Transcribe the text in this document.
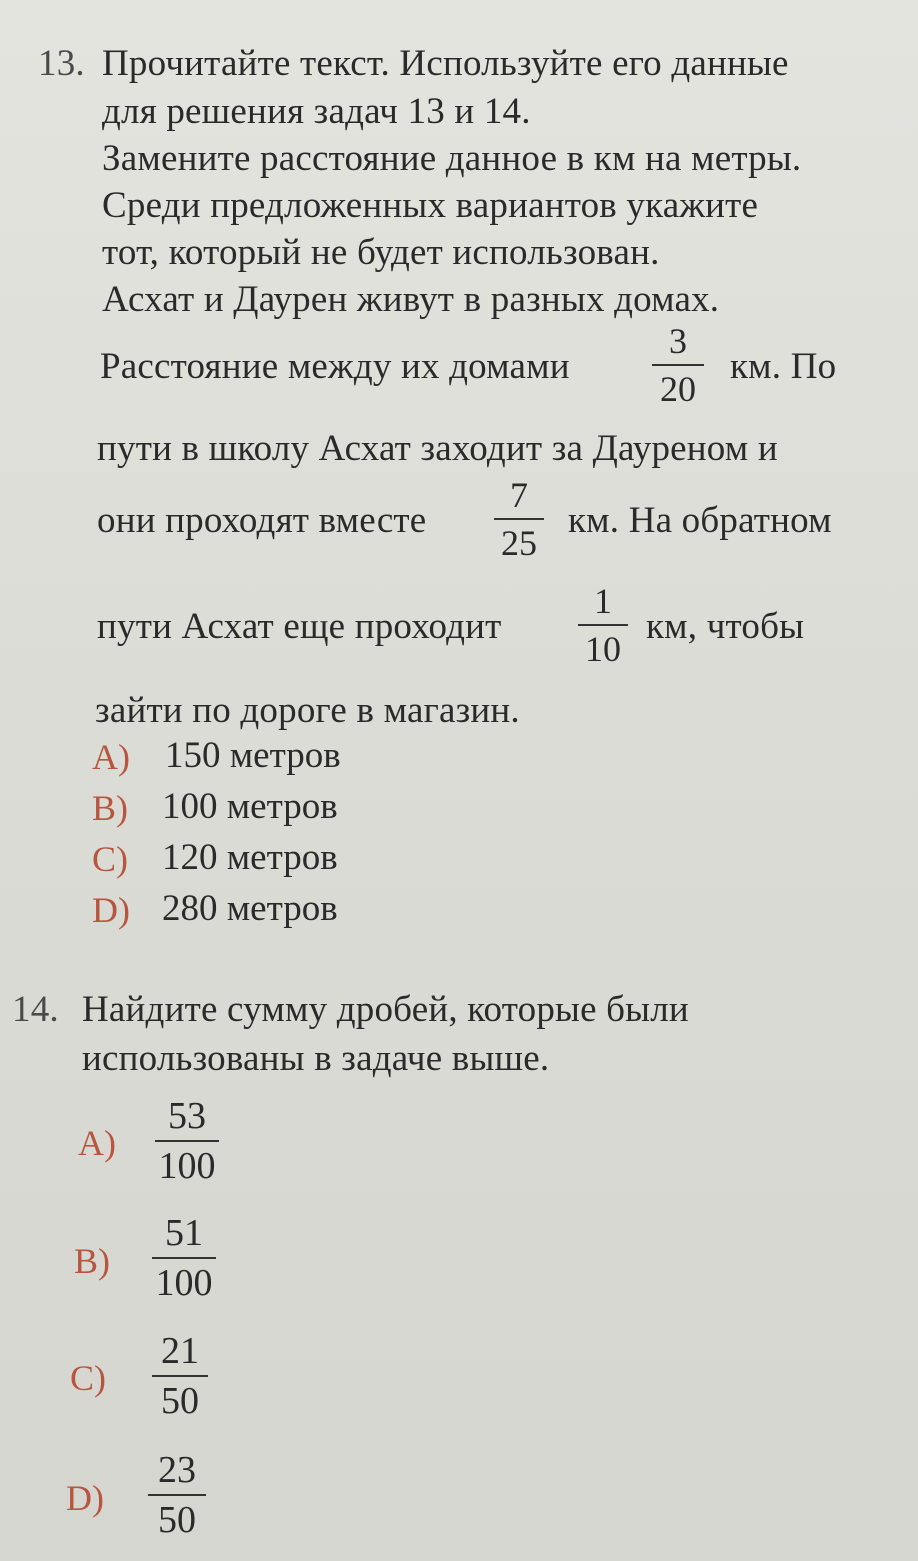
13. Прочитайте текст. Используйте его данные
для решения задач 13 и 14.
Замените расстояние данное в км на метры.
Среди предложенных вариантов укажите
тот, который не будет использован.
Асхат и Даурен живут в разных домах.
Расстояние между их домами
3
20
км. По
пути в школу Асхат заходит за Дауреном и
они проходят вместе
7
25
км. На обратном
пути Асхат еще проходит
1
10
км, чтобы
зайти по дороге в магазин.
A) 150 метров
B) 100 метров
C) 120 метров
D) 280 метров
14. Найдите сумму дробей, которые были
использованы в задаче выше.
A)
53
100
B)
51
100
C)
21
50
D)
23
50
